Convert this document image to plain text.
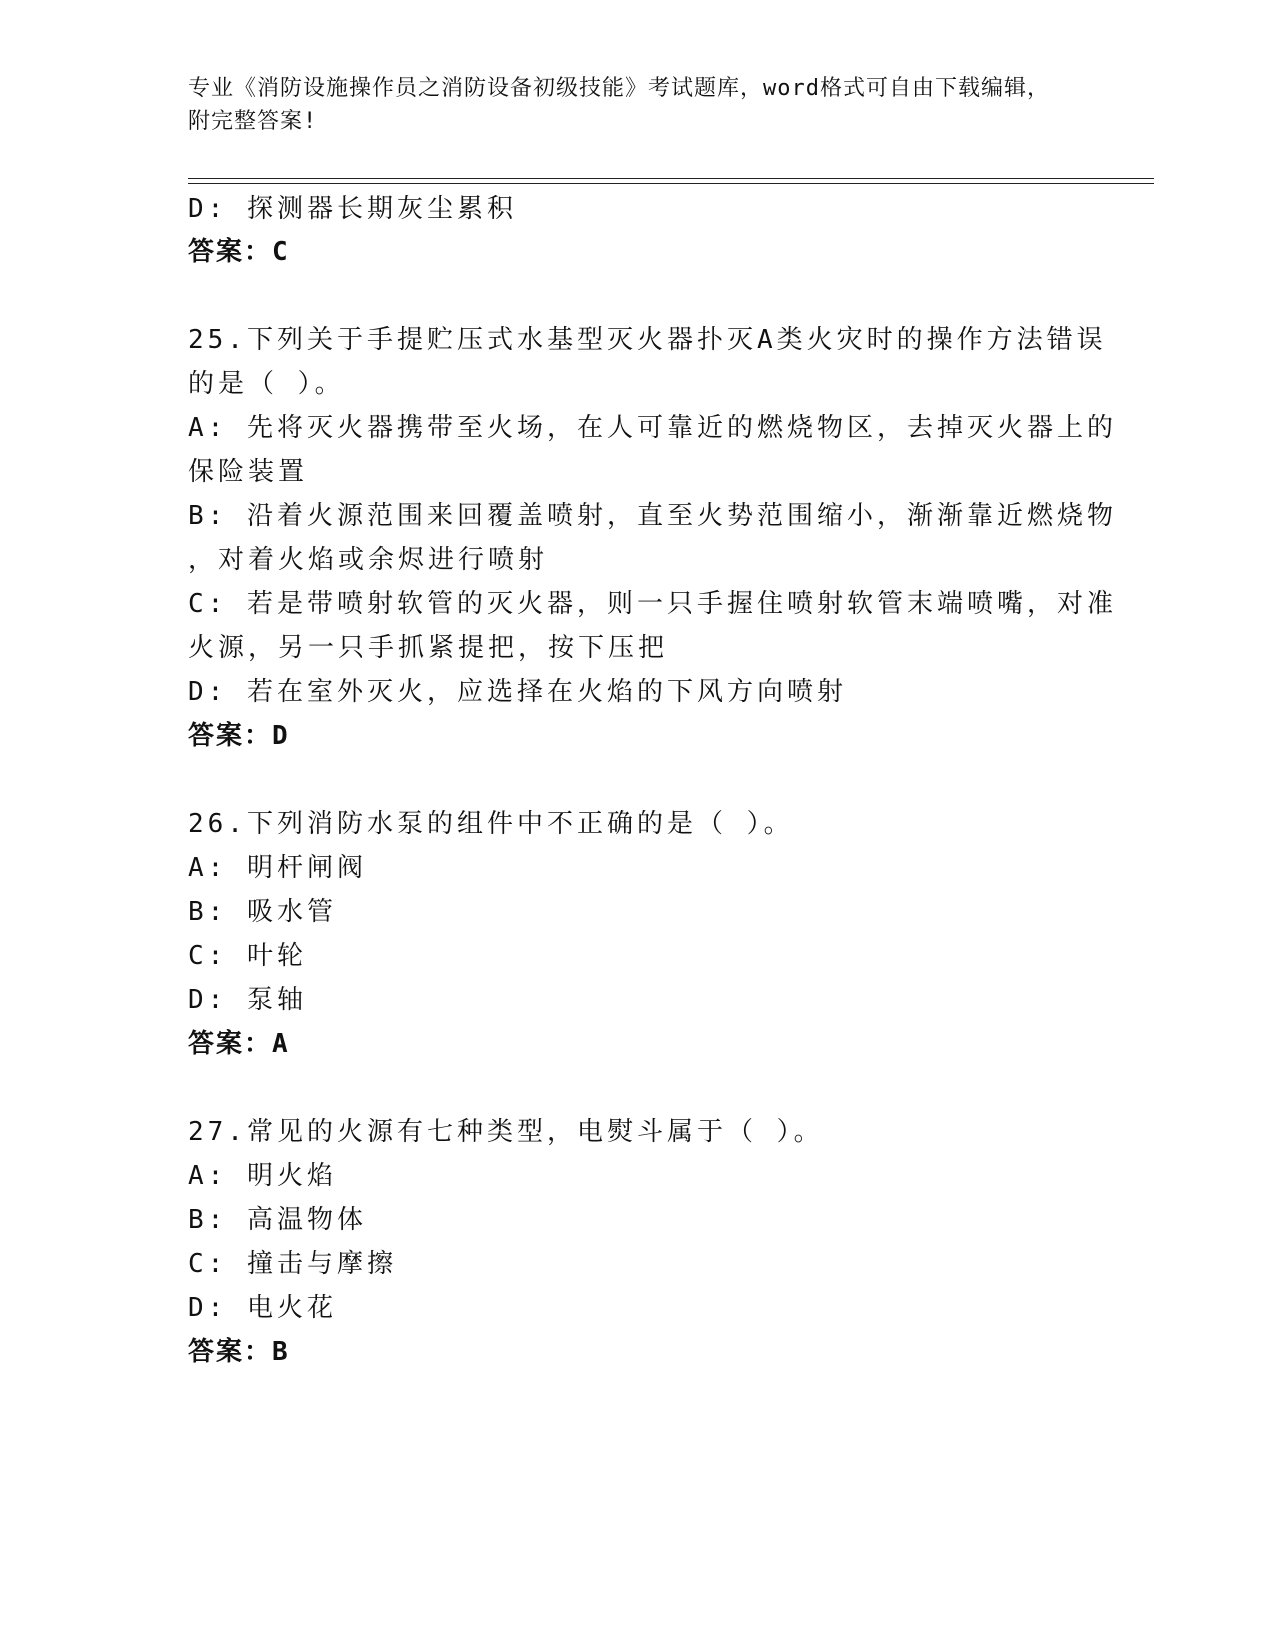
专业《消防设施操作员之消防设备初级技能》考试题库，word格式可自由下载编辑，附完整答案!
D: 探测器长期灰尘累积
答案：C
25.下列关于手提贮压式水基型灭火器扑灭A类火灾时的操作方法错误
的是（ ）。
A: 先将灭火器携带至火场，在人可靠近的燃烧物区，去掉灭火器上的
保险装置
B: 沿着火源范围来回覆盖喷射，直至火势范围缩小，渐渐靠近燃烧物
，对着火焰或余烬进行喷射
C: 若是带喷射软管的灭火器，则一只手握住喷射软管末端喷嘴，对准
火源，另一只手抓紧提把，按下压把
D: 若在室外灭火，应选择在火焰的下风方向喷射
答案：D
26.下列消防水泵的组件中不正确的是（ ）。
A: 明杆闸阀
B: 吸水管
C: 叶轮
D: 泵轴
答案：A
27.常见的火源有七种类型，电熨斗属于（ ）。
A: 明火焰
B: 高温物体
C: 撞击与摩擦
D: 电火花
答案：B
